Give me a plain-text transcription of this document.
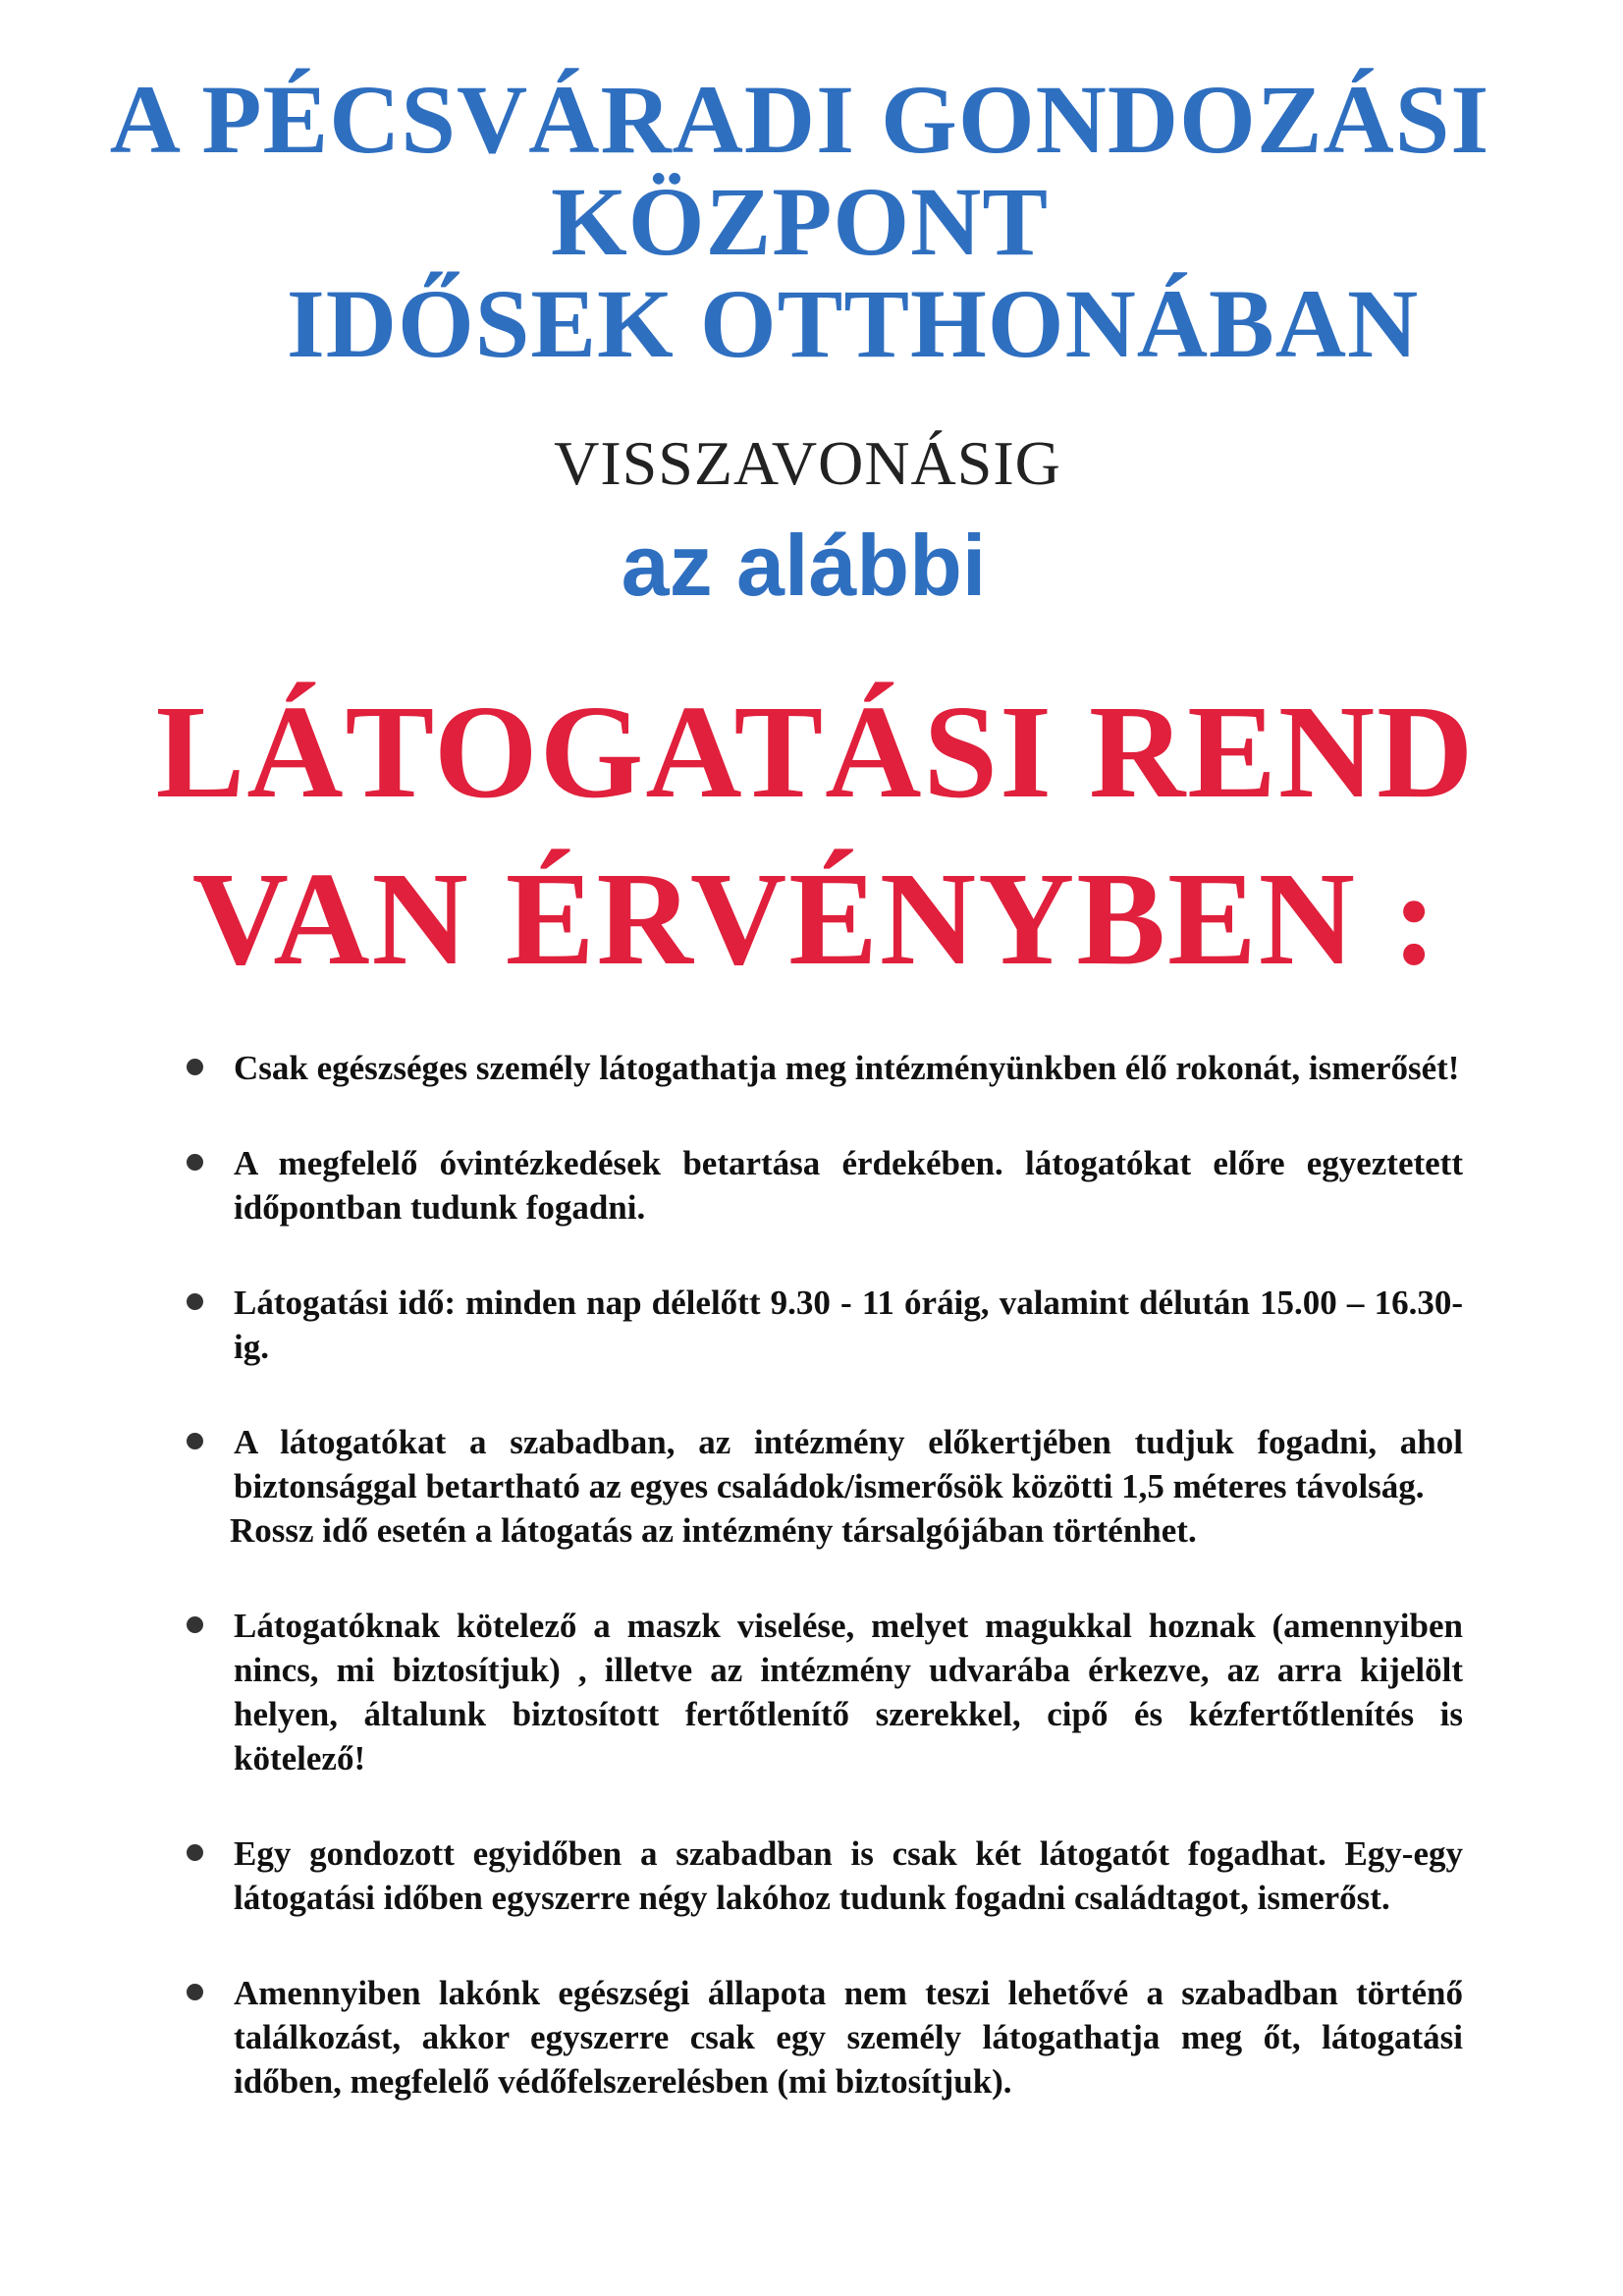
A PÉCSVÁRADI GONDOZÁSI
KÖZPONT
IDŐSEK OTTHONÁBAN
VISSZAVONÁSIG
az alábbi
LÁTOGATÁSI REND
VAN ÉRVÉNYBEN :
Csak egészséges személy látogathatja meg intézményünkben élő rokonát, ismerősét!
A megfelelő óvintézkedések betartása érdekében. látogatókat előre egyeztetett időpontban tudunk fogadni.
Látogatási idő: minden nap délelőtt 9.30 - 11 óráig, valamint délután 15.00 – 16.30-ig.
A látogatókat a szabadban, az intézmény előkertjében tudjuk fogadni, ahol biztonsággal betartható az egyes családok/ismerősök közötti 1,5 méteres távolság.
Rossz idő esetén a látogatás az intézmény társalgójában történhet.
Látogatóknak kötelező a maszk viselése, melyet magukkal hoznak (amennyiben nincs, mi biztosítjuk) , illetve az intézmény udvarába érkezve, az arra kijelölt helyen, általunk biztosított fertőtlenítő szerekkel, cipő és kézfertőtlenítés is kötelező!
Egy gondozott egyidőben a szabadban is csak két látogatót fogadhat. Egy-egy látogatási időben egyszerre négy lakóhoz tudunk fogadni családtagot, ismerőst.
Amennyiben lakónk egészségi állapota nem teszi lehetővé a szabadban történő találkozást, akkor egyszerre csak egy személy látogathatja meg őt, látogatási időben, megfelelő védőfelszerelésben (mi biztosítjuk).
